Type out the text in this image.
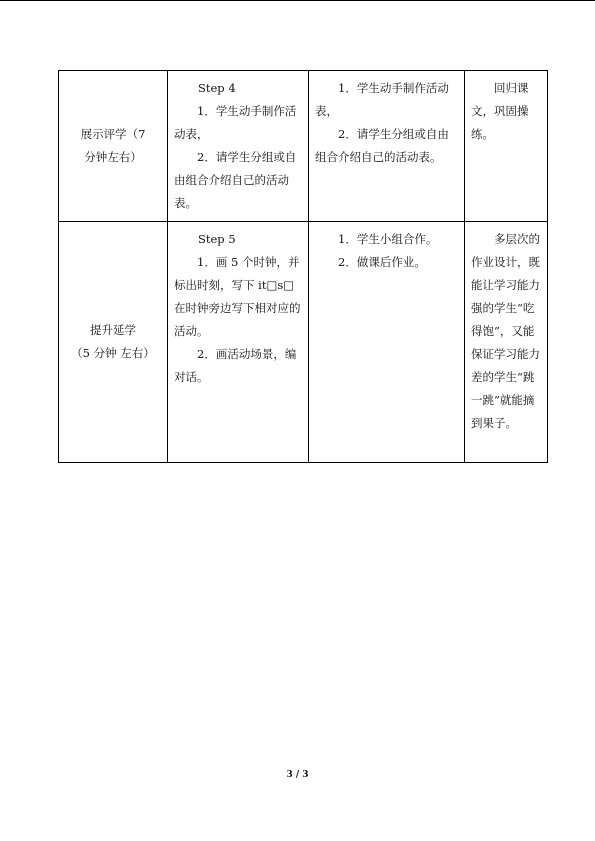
展示评学（7
分钟左右）	Step 4
1．学生动手制作活动表，
2．请学生分组或自由组合介绍自己的活动表。	1．学生动手制作活动表，
2．请学生分组或自由组合介绍自己的活动表。	回归课文，巩固操练。

提升延学
（5 分钟 左右）	Step 5
1．画 5 个时钟，并标出时刻，写下 it□s□ 在时钟旁边写下相对应的活动。
2．画活动场景，编对话。	1．学生小组合作。
2．做课后作业。	多层次的作业设计，既能让学习能力强的学生“吃得饱”，又能保证学习能力差的学生“跳一跳”就能摘到果子。
3 / 3
